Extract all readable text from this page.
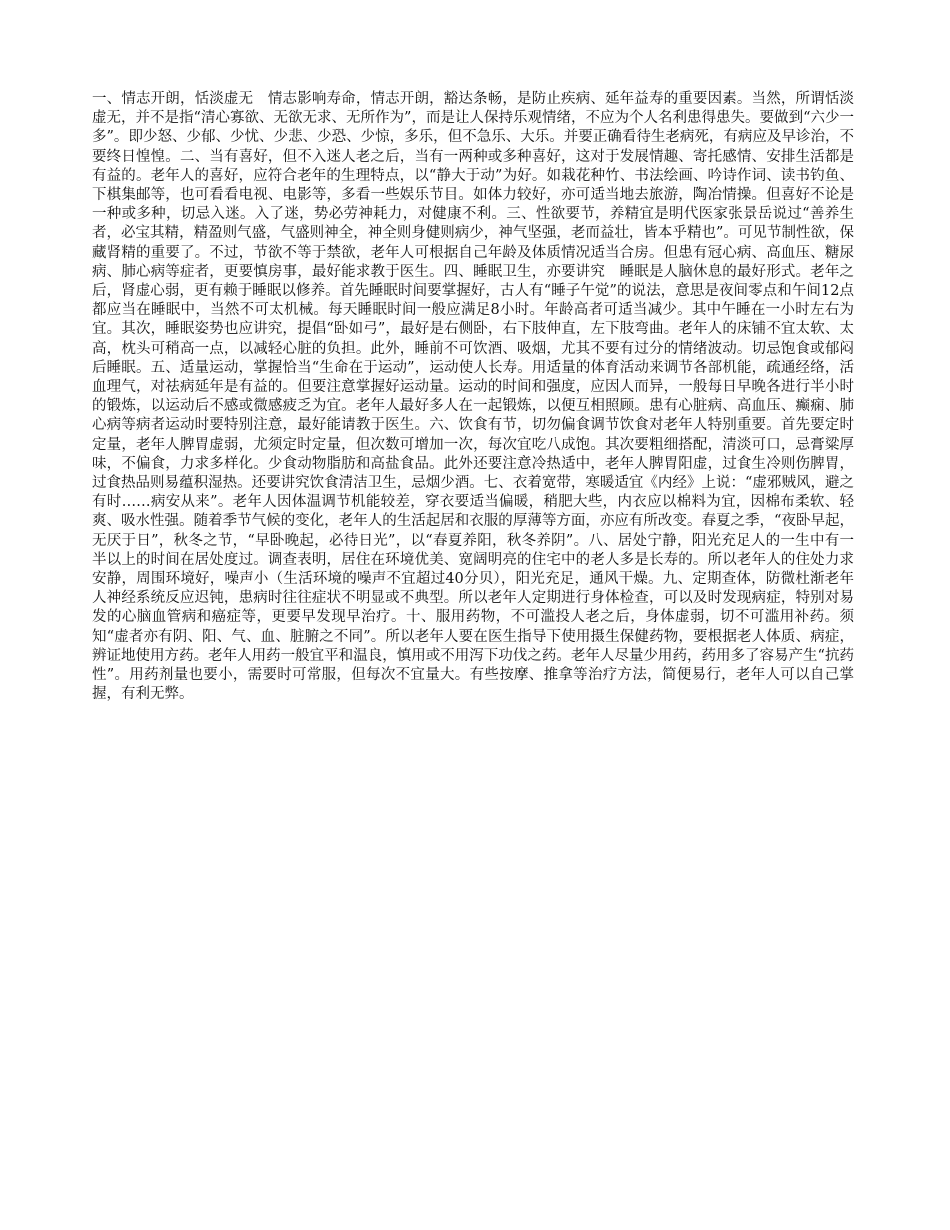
一、情志开朗，恬淡虚无　情志影响寿命，情志开朗，豁达条畅，是防止疾病、延年益寿的重要因素。当然，所谓恬淡虚无，并不是指“清心寡欲、无欲无求、无所作为”，而是让人保持乐观情绪，不应为个人名利患得患失。要做到“六少一多”。即少怒、少郁、少忧、少悲、少恐、少惊，多乐，但不急乐、大乐。并要正确看待生老病死，有病应及早诊治，不要终日惶惶。二、当有喜好，但不入迷人老之后，当有一两种或多种喜好，这对于发展情趣、寄托感情、安排生活都是有益的。老年人的喜好，应符合老年的生理特点，以“静大于动”为好。如栽花种竹、书法绘画、吟诗作词、读书钓鱼、下棋集邮等，也可看看电视、电影等，多看一些娱乐节目。如体力较好，亦可适当地去旅游，陶冶情操。但喜好不论是一种或多种，切忌入迷。入了迷，势必劳神耗力，对健康不利。三、性欲要节，养精宜是明代医家张景岳说过“善养生者，必宝其精，精盈则气盛，气盛则神全，神全则身健则病少，神气坚强，老而益壮，皆本乎精也”。可见节制性欲，保藏肾精的重要了。不过，节欲不等于禁欲，老年人可根据自己年龄及体质情况适当合房。但患有冠心病、高血压、糖尿病、肺心病等症者，更要慎房事，最好能求教于医生。四、睡眠卫生，亦要讲究　睡眠是人脑休息的最好形式。老年之后，肾虚心弱，更有赖于睡眠以修养。首先睡眠时间要掌握好，古人有“睡子午觉”的说法，意思是夜间零点和午间12点都应当在睡眠中，当然不可太机械。每天睡眠时间一般应满足8小时。年龄高者可适当减少。其中午睡在一小时左右为宜。其次，睡眠姿势也应讲究，提倡“卧如弓”，最好是右侧卧，右下肢伸直，左下肢弯曲。老年人的床铺不宜太软、太高，枕头可稍高一点，以减轻心脏的负担。此外，睡前不可饮酒、吸烟，尤其不要有过分的情绪波动。切忌饱食或郁闷后睡眠。五、适量运动，掌握恰当“生命在于运动”，运动使人长寿。用适量的体育活动来调节各部机能，疏通经络，活血理气，对祛病延年是有益的。但要注意掌握好运动量。运动的时间和强度，应因人而异，一般每日早晚各进行半小时的锻炼，以运动后不感或微感疲乏为宜。老年人最好多人在一起锻炼，以便互相照顾。患有心脏病、高血压、癫痫、肺心病等病者运动时要特别注意，最好能请教于医生。六、饮食有节，切勿偏食调节饮食对老年人特别重要。首先要定时定量，老年人脾胃虚弱，尤须定时定量，但次数可增加一次，每次宜吃八成饱。其次要粗细搭配，清淡可口，忌膏粱厚味，不偏食，力求多样化。少食动物脂肪和高盐食品。此外还要注意冷热适中，老年人脾胃阳虚，过食生冷则伤脾胃，过食热品则易蕴积湿热。还要讲究饮食清洁卫生，忌烟少酒。七、衣着宽带，寒暖适宜《内经》上说：“虚邪贼风，避之有时……病安从来”。老年人因体温调节机能较差，穿衣要适当偏暖，稍肥大些，内衣应以棉料为宜，因棉布柔软、轻爽、吸水性强。随着季节气候的变化，老年人的生活起居和衣服的厚薄等方面，亦应有所改变。春夏之季，“夜卧早起，无厌于日”，秋冬之节，“早卧晚起，必待日光”，以“春夏养阳，秋冬养阴”。八、居处宁静，阳光充足人的一生中有一半以上的时间在居处度过。调查表明，居住在环境优美、宽阔明亮的住宅中的老人多是长寿的。所以老年人的住处力求安静，周围环境好，噪声小（生活环境的噪声不宜超过40分贝），阳光充足，通风干燥。九、定期查体，防微杜渐老年人神经系统反应迟钝，患病时往往症状不明显或不典型。所以老年人定期进行身体检查，可以及时发现病症，特别对易发的心脑血管病和癌症等，更要早发现早治疗。十、服用药物，不可滥投人老之后，身体虚弱，切不可滥用补药。须知“虚者亦有阴、阳、气、血、脏腑之不同”。所以老年人要在医生指导下使用摄生保健药物，要根据老人体质、病症，辨证地使用方药。老年人用药一般宜平和温良，慎用或不用泻下功伐之药。老年人尽量少用药，药用多了容易产生“抗药性”。用药剂量也要小，需要时可常服，但每次不宜量大。有些按摩、推拿等治疗方法，简便易行，老年人可以自己掌握，有利无弊。
